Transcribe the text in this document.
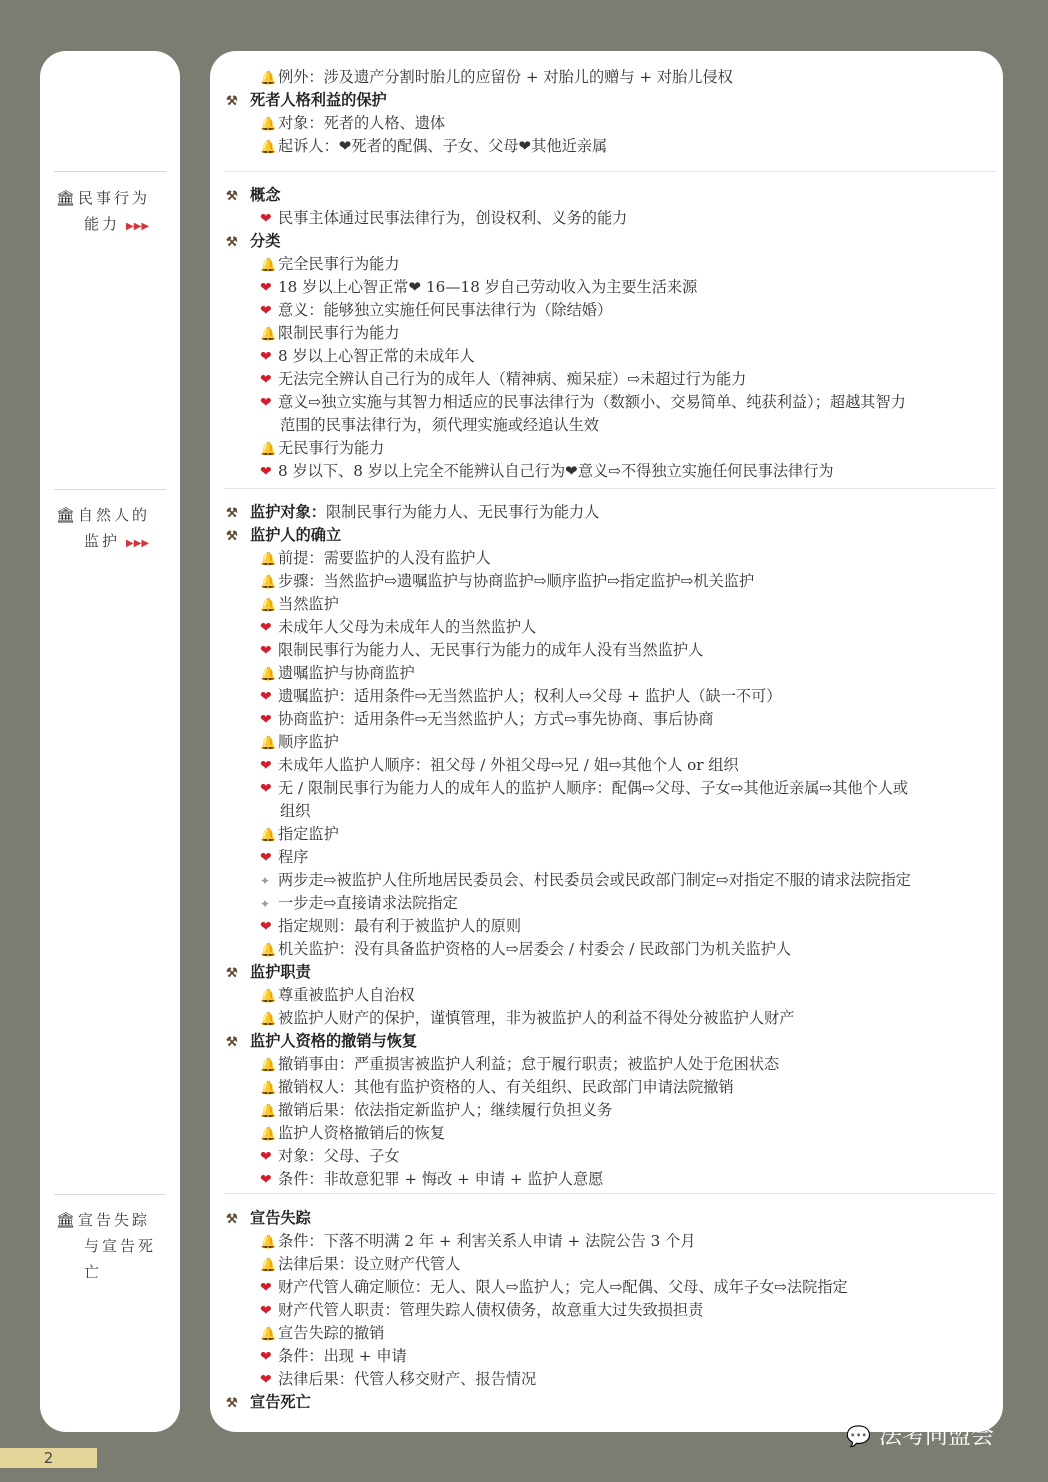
🏛民事行为
能力 ▶▶▶
🏛自然人的
监护 ▶▶▶
🏛宣告失踪
与宣告死
亡
🔔 例外：涉及遗产分割时胎儿的应留份 + 对胎儿的赠与 + 对胎儿侵权
⚒ 死者人格利益的保护
🔔 对象：死者的人格、遗体
🔔 起诉人：❤死者的配偶、子女、父母❤其他近亲属
⚒ 概念
❤ 民事主体通过民事法律行为，创设权利、义务的能力
⚒ 分类
🔔 完全民事行为能力
❤ 18 岁以上心智正常❤ 16—18 岁自己劳动收入为主要生活来源
❤ 意义：能够独立实施任何民事法律行为（除结婚）
🔔 限制民事行为能力
❤ 8 岁以上心智正常的未成年人
❤ 无法完全辨认自己行为的成年人（精神病、痴呆症）⇨未超过行为能力
❤ 意义⇨独立实施与其智力相适应的民事法律行为（数额小、交易简单、纯获利益）；超越其智力
范围的民事法律行为，须代理实施或经追认生效
🔔 无民事行为能力
❤ 8 岁以下、8 岁以上完全不能辨认自己行为❤意义⇨不得独立实施任何民事法律行为
⚒ 监护对象：限制民事行为能力人、无民事行为能力人
⚒ 监护人的确立
🔔 前提：需要监护的人没有监护人
🔔 步骤：当然监护⇨遗嘱监护与协商监护⇨顺序监护⇨指定监护⇨机关监护
🔔 当然监护
❤ 未成年人父母为未成年人的当然监护人
❤ 限制民事行为能力人、无民事行为能力的成年人没有当然监护人
🔔 遗嘱监护与协商监护
❤ 遗嘱监护：适用条件⇨无当然监护人；权利人⇨父母 + 监护人（缺一不可）
❤ 协商监护：适用条件⇨无当然监护人；方式⇨事先协商、事后协商
🔔 顺序监护
❤ 未成年人监护人顺序：祖父母 / 外祖父母⇨兄 / 姐⇨其他个人 or 组织
❤ 无 / 限制民事行为能力人的成年人的监护人顺序：配偶⇨父母、子女⇨其他近亲属⇨其他个人或
组织
🔔 指定监护
❤ 程序
✦ 两步走⇨被监护人住所地居民委员会、村民委员会或民政部门制定⇨对指定不服的请求法院指定
✦ 一步走⇨直接请求法院指定
❤ 指定规则：最有利于被监护人的原则
🔔 机关监护：没有具备监护资格的人⇨居委会 / 村委会 / 民政部门为机关监护人
⚒ 监护职责
🔔 尊重被监护人自治权
🔔 被监护人财产的保护，谨慎管理，非为被监护人的利益不得处分被监护人财产
⚒ 监护人资格的撤销与恢复
🔔 撤销事由：严重损害被监护人利益；怠于履行职责；被监护人处于危困状态
🔔 撤销权人：其他有监护资格的人、有关组织、民政部门申请法院撤销
🔔 撤销后果：依法指定新监护人；继续履行负担义务
🔔 监护人资格撤销后的恢复
❤ 对象：父母、子女
❤ 条件：非故意犯罪 + 悔改 + 申请 + 监护人意愿
⚒ 宣告失踪
🔔 条件：下落不明满 2 年 + 利害关系人申请 + 法院公告 3 个月
🔔 法律后果：设立财产代管人
❤ 财产代管人确定顺位：无人、限人⇨监护人；完人⇨配偶、父母、成年子女⇨法院指定
❤ 财产代管人职责：管理失踪人债权债务，故意重大过失致损担责
🔔 宣告失踪的撤销
❤ 条件：出现 + 申请
❤ 法律后果：代管人移交财产、报告情况
⚒ 宣告死亡
2
💬 法考同盟会
